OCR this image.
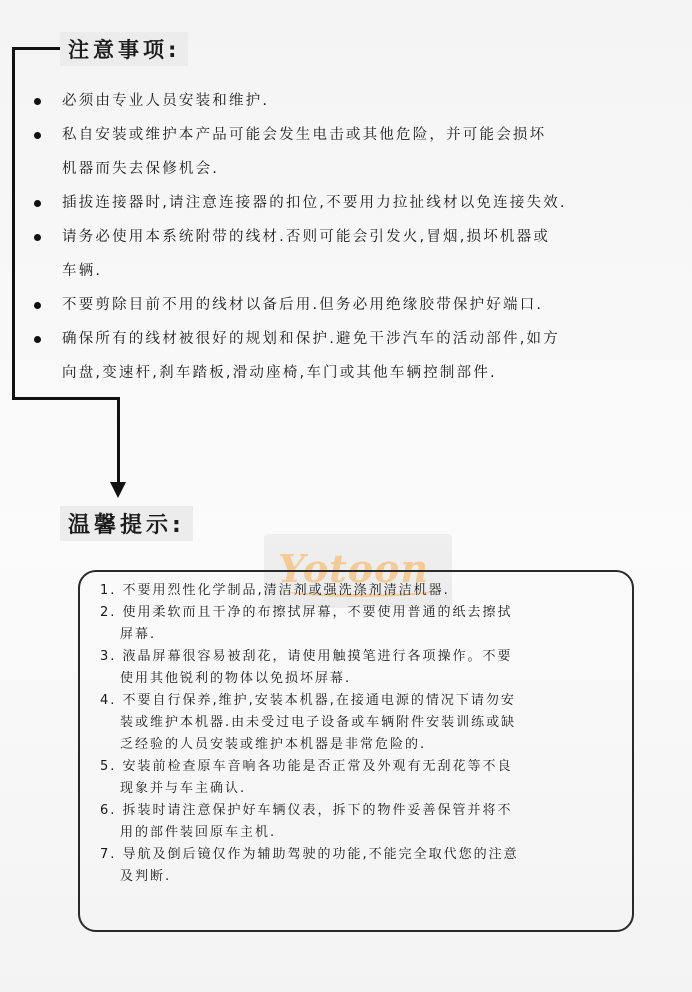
注意事项:
必须由专业人员安装和维护.
私自安装或维护本产品可能会发生电击或其他危险，并可能会损坏
机器而失去保修机会.
插拔连接器时,请注意连接器的扣位,不要用力拉扯线材以免连接失效.
请务必使用本系统附带的线材.否则可能会引发火,冒烟,损坏机器或
车辆.
不要剪除目前不用的线材以备后用.但务必用绝缘胶带保护好端口.
确保所有的线材被很好的规划和保护.避免干涉汽车的活动部件,如方
向盘,变速杆,刹车踏板,滑动座椅,车门或其他车辆控制部件.
温馨提示:
Yotoon
1. 不要用烈性化学制品,清洁剂或强洗涤剂清洁机器.
2. 使用柔软而且干净的布擦拭屏幕，不要使用普通的纸去擦拭
屏幕.
3. 液晶屏幕很容易被刮花，请使用触摸笔进行各项操作。不要
使用其他锐利的物体以免损坏屏幕.
4. 不要自行保养,维护,安装本机器,在接通电源的情况下请勿安
装或维护本机器.由未受过电子设备或车辆附件安装训练或缺
乏经验的人员安装或维护本机器是非常危险的.
5. 安装前检查原车音响各功能是否正常及外观有无刮花等不良
现象并与车主确认.
6. 拆装时请注意保护好车辆仪表，拆下的物件妥善保管并将不
用的部件装回原车主机.
7. 导航及倒后镜仅作为辅助驾驶的功能,不能完全取代您的注意
及判断.
